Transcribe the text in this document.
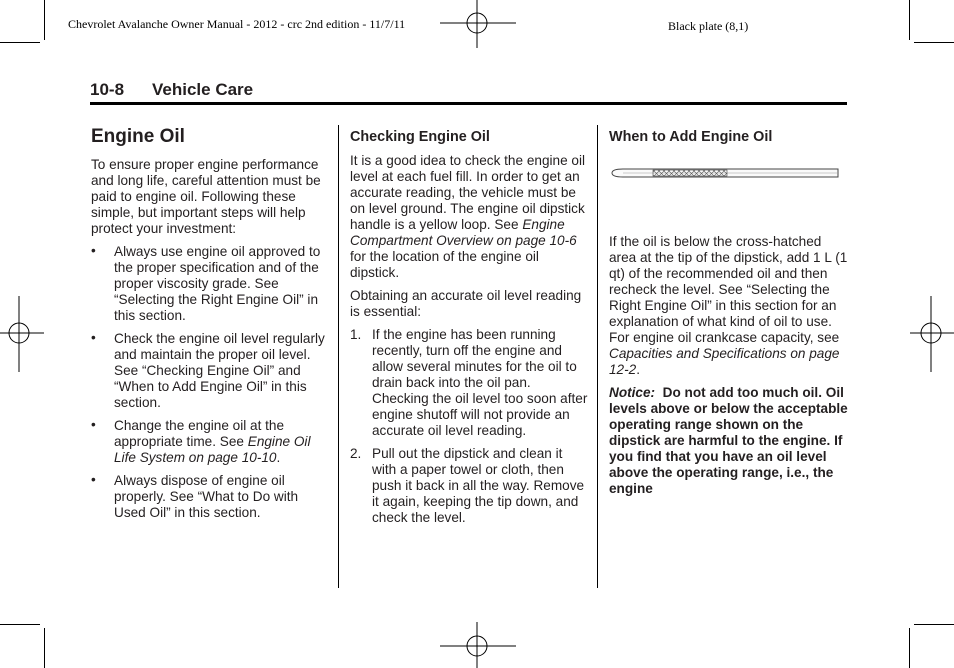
Chevrolet Avalanche Owner Manual - 2012 - crc 2nd edition - 11/7/11	Black plate (8,1)
10-8 Vehicle Care
Engine Oil

To ensure proper engine performance and long life, careful attention must be paid to engine oil. Following these simple, but important steps will help protect your investment:

• Always use engine oil approved to the proper specification and of the proper viscosity grade. See “Selecting the Right Engine Oil” in this section.
• Check the engine oil level regularly and maintain the proper oil level. See “Checking Engine Oil” and “When to Add Engine Oil” in this section.
• Change the engine oil at the appropriate time. See Engine Oil Life System on page 10-10.
• Always dispose of engine oil properly. See “What to Do with Used Oil” in this section.
Checking Engine Oil

It is a good idea to check the engine oil level at each fuel fill. In order to get an accurate reading, the vehicle must be on level ground. The engine oil dipstick handle is a yellow loop. See Engine Compartment Overview on page 10-6 for the location of the engine oil dipstick.

Obtaining an accurate oil level reading is essential:

1. If the engine has been running recently, turn off the engine and allow several minutes for the oil to drain back into the oil pan. Checking the oil level too soon after engine shutoff will not provide an accurate oil level reading.
2. Pull out the dipstick and clean it with a paper towel or cloth, then push it back in all the way. Remove it again, keeping the tip down, and check the level.
When to Add Engine Oil

If the oil is below the cross-hatched area at the tip of the dipstick, add 1 L (1 qt) of the recommended oil and then recheck the level. See “Selecting the Right Engine Oil” in this section for an explanation of what kind of oil to use. For engine oil crankcase capacity, see Capacities and Specifications on page 12-2.

Notice: Do not add too much oil. Oil levels above or below the acceptable operating range shown on the dipstick are harmful to the engine. If you find that you have an oil level above the operating range, i.e., the engine
